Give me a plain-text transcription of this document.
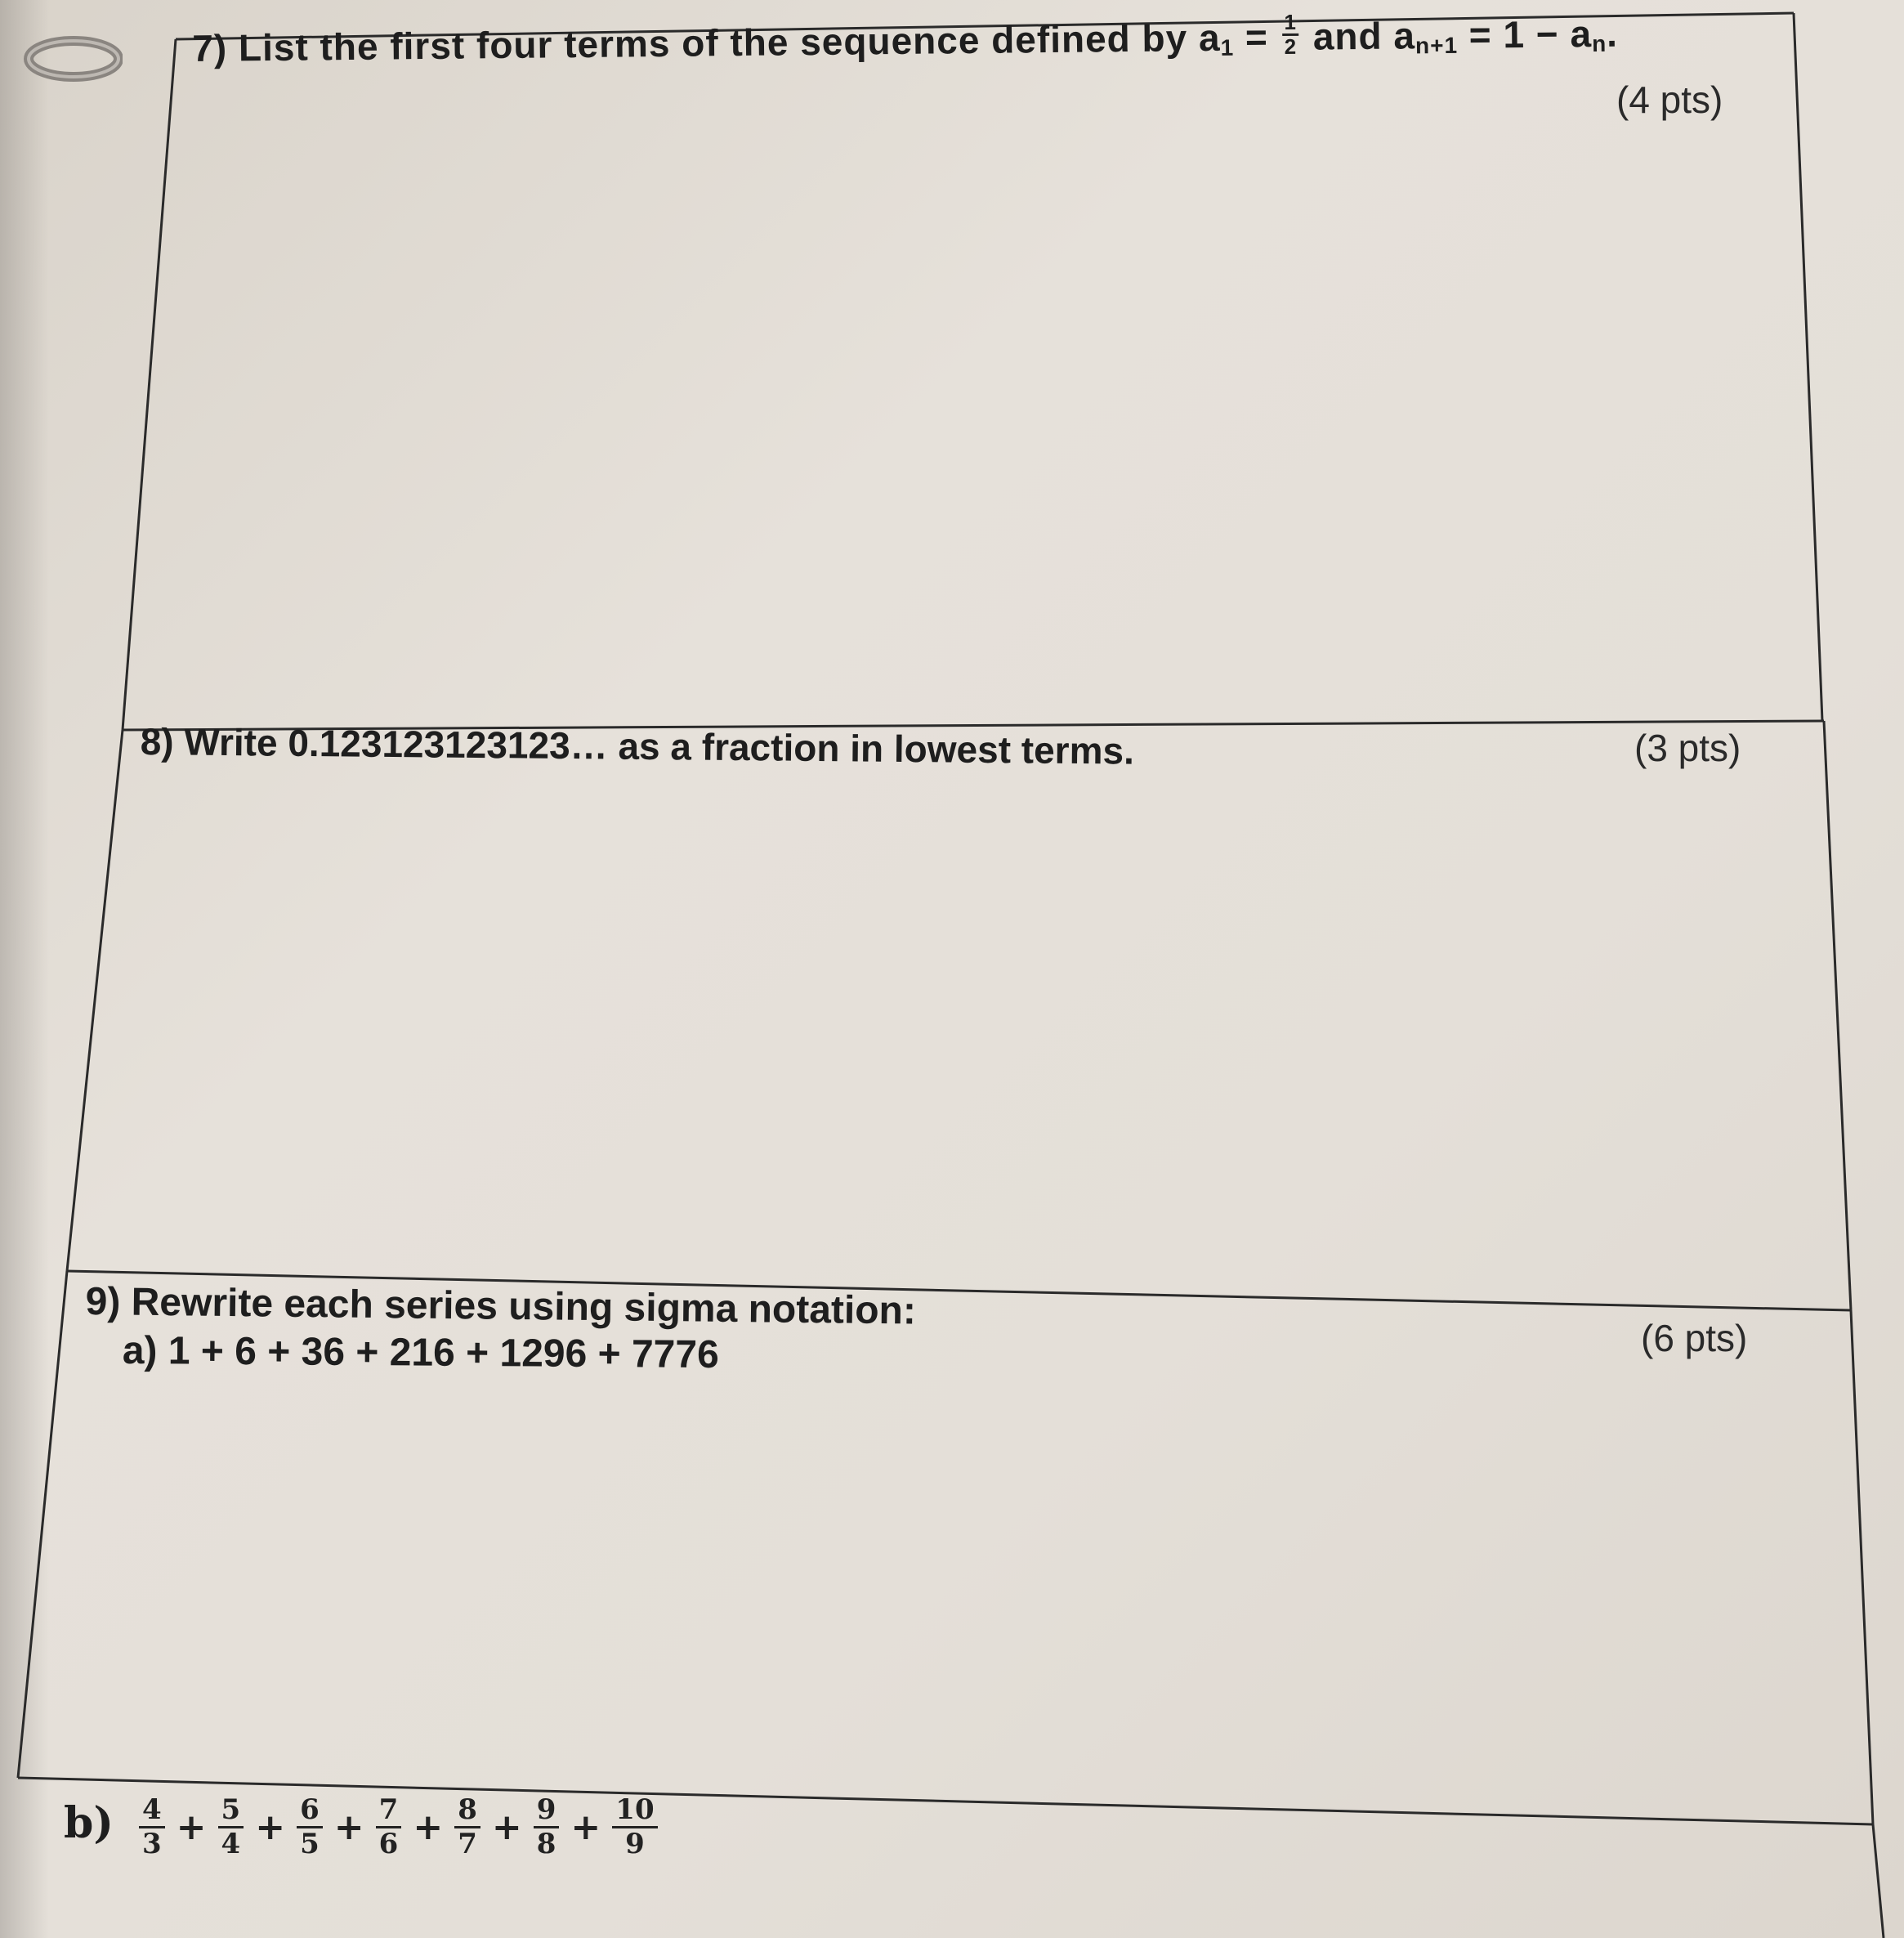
7) List the first four terms of the sequence defined by $a_1 = \frac{1}{2}$ and $a_{n+1} = 1 - a_n$.
(4 pts)
8) Write 0.123123123123… as a fraction in lowest terms.	(3 pts)
9) Rewrite each series using sigma notation:
a) 1 + 6 + 36 + 216 + 1296 + 7776	(6 pts)
$b) \frac{4}{3} + \frac{5}{4} + \frac{6}{5} + \frac{7}{6} + \frac{8}{7} + \frac{9}{8} + \frac{10}{9}$
